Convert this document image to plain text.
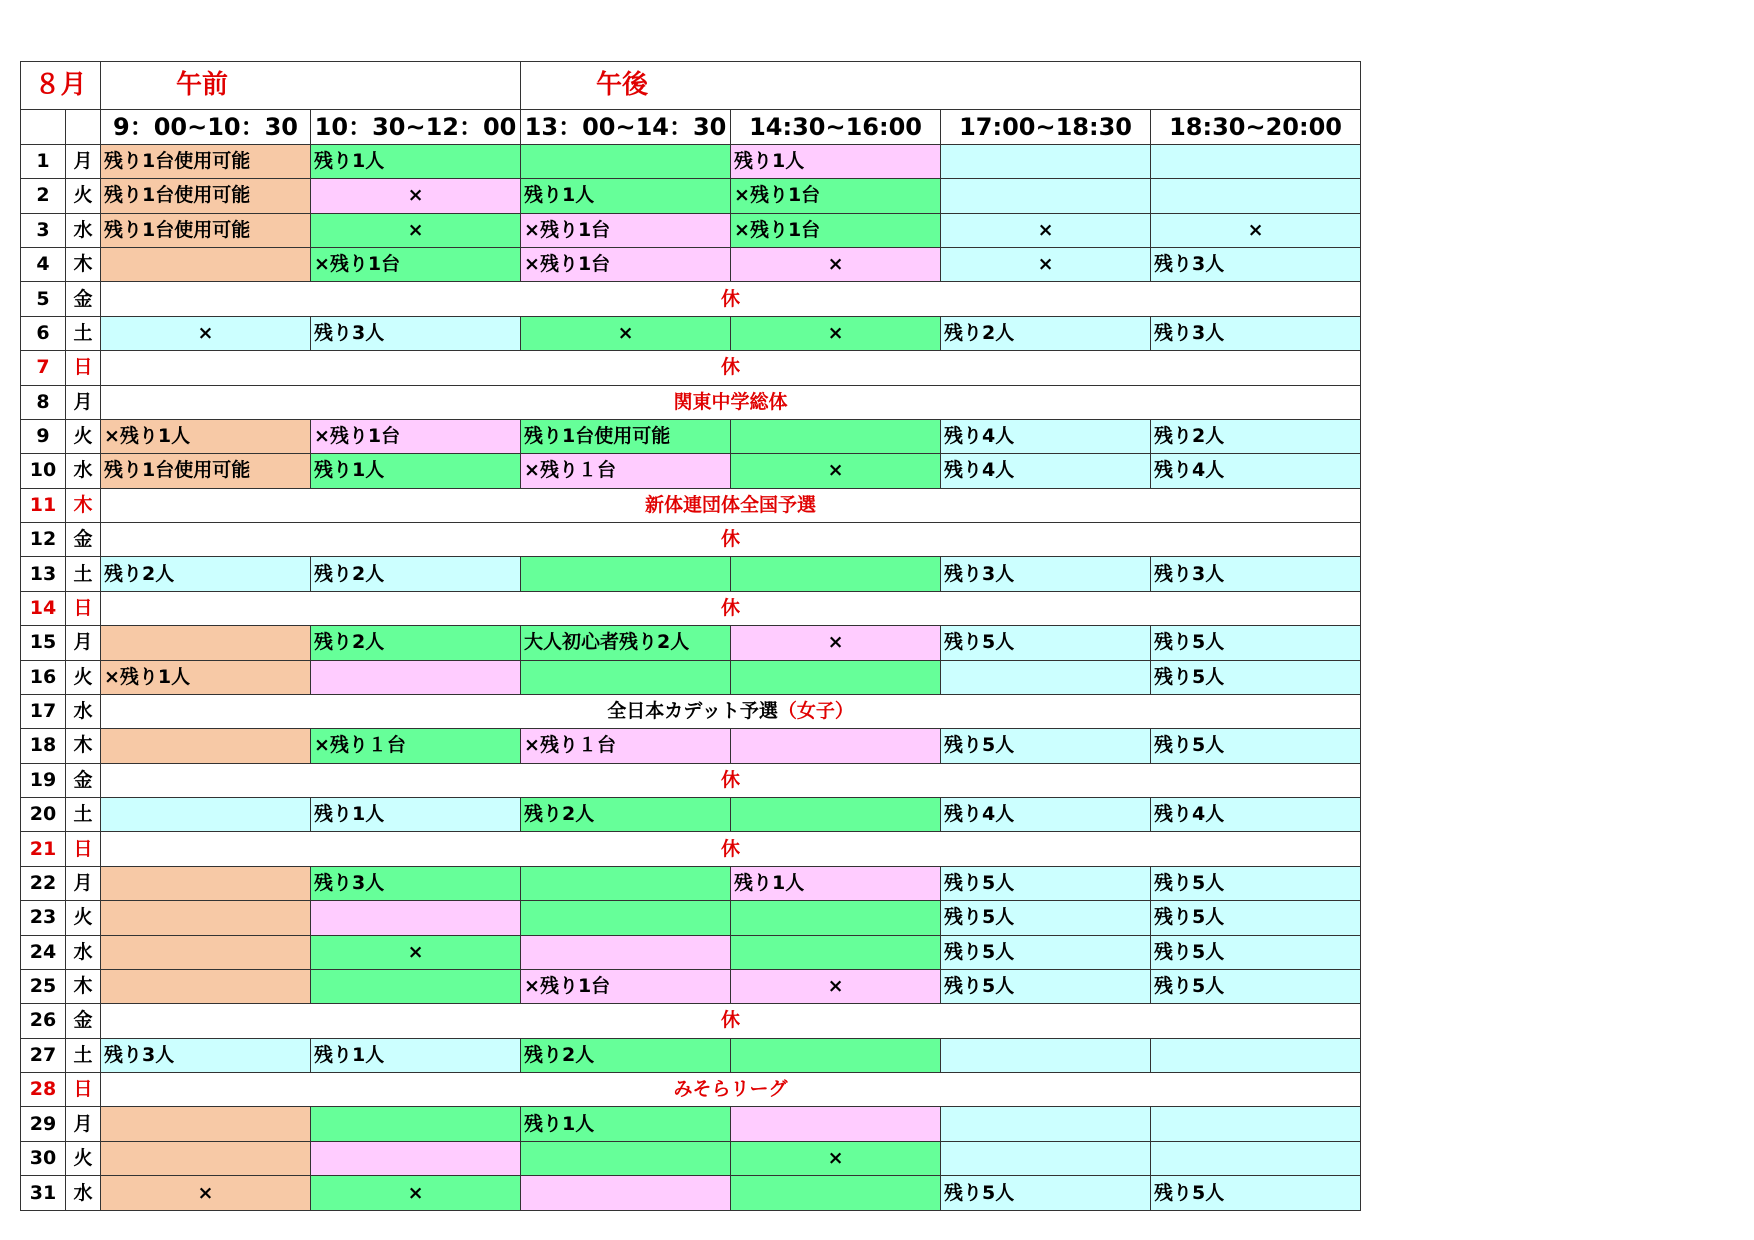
８月		午前		午後			
		9：00~10：30	10：30~12：00	13：00~14：30	14:30~16:00	17:00~18:30	18:30~20:00
1	月	残り1台使用可能	残り1人		残り1人		
2	火	残り1台使用可能	×	残り1人	×残り1台		
3	水	残り1台使用可能	×	×残り1台	×残り1台	×	×
4	木		×残り1台	×残り1台	×	×	残り3人
5	金	休					
6	土	×	残り3人	×	×	残り2人	残り3人
7	日	休					
8	月	関東中学総体					
9	火	×残り1人	×残り1台	残り1台使用可能		残り4人	残り2人
10	水	残り1台使用可能	残り1人	×残り１台	×	残り4人	残り4人
11	木	新体連団体全国予選					
12	金	休					
13	土	残り2人	残り2人			残り3人	残り3人
14	日	休					
15	月		残り2人	大人初心者残り2人	×	残り5人	残り5人
16	火	×残り1人					残り5人
17	水	全日本カデット予選（女子）					
18	木		×残り１台	×残り１台		残り5人	残り5人
19	金	休					
20	土		残り1人	残り2人		残り4人	残り4人
21	日	休					
22	月		残り3人		残り1人	残り5人	残り5人
23	火					残り5人	残り5人
24	水		×			残り5人	残り5人
25	木			×残り1台	×	残り5人	残り5人
26	金	休					
27	土	残り3人	残り1人	残り2人			
28	日	みそらリーグ					
29	月			残り1人			
30	火				×		
31	水	×	×			残り5人	残り5人
